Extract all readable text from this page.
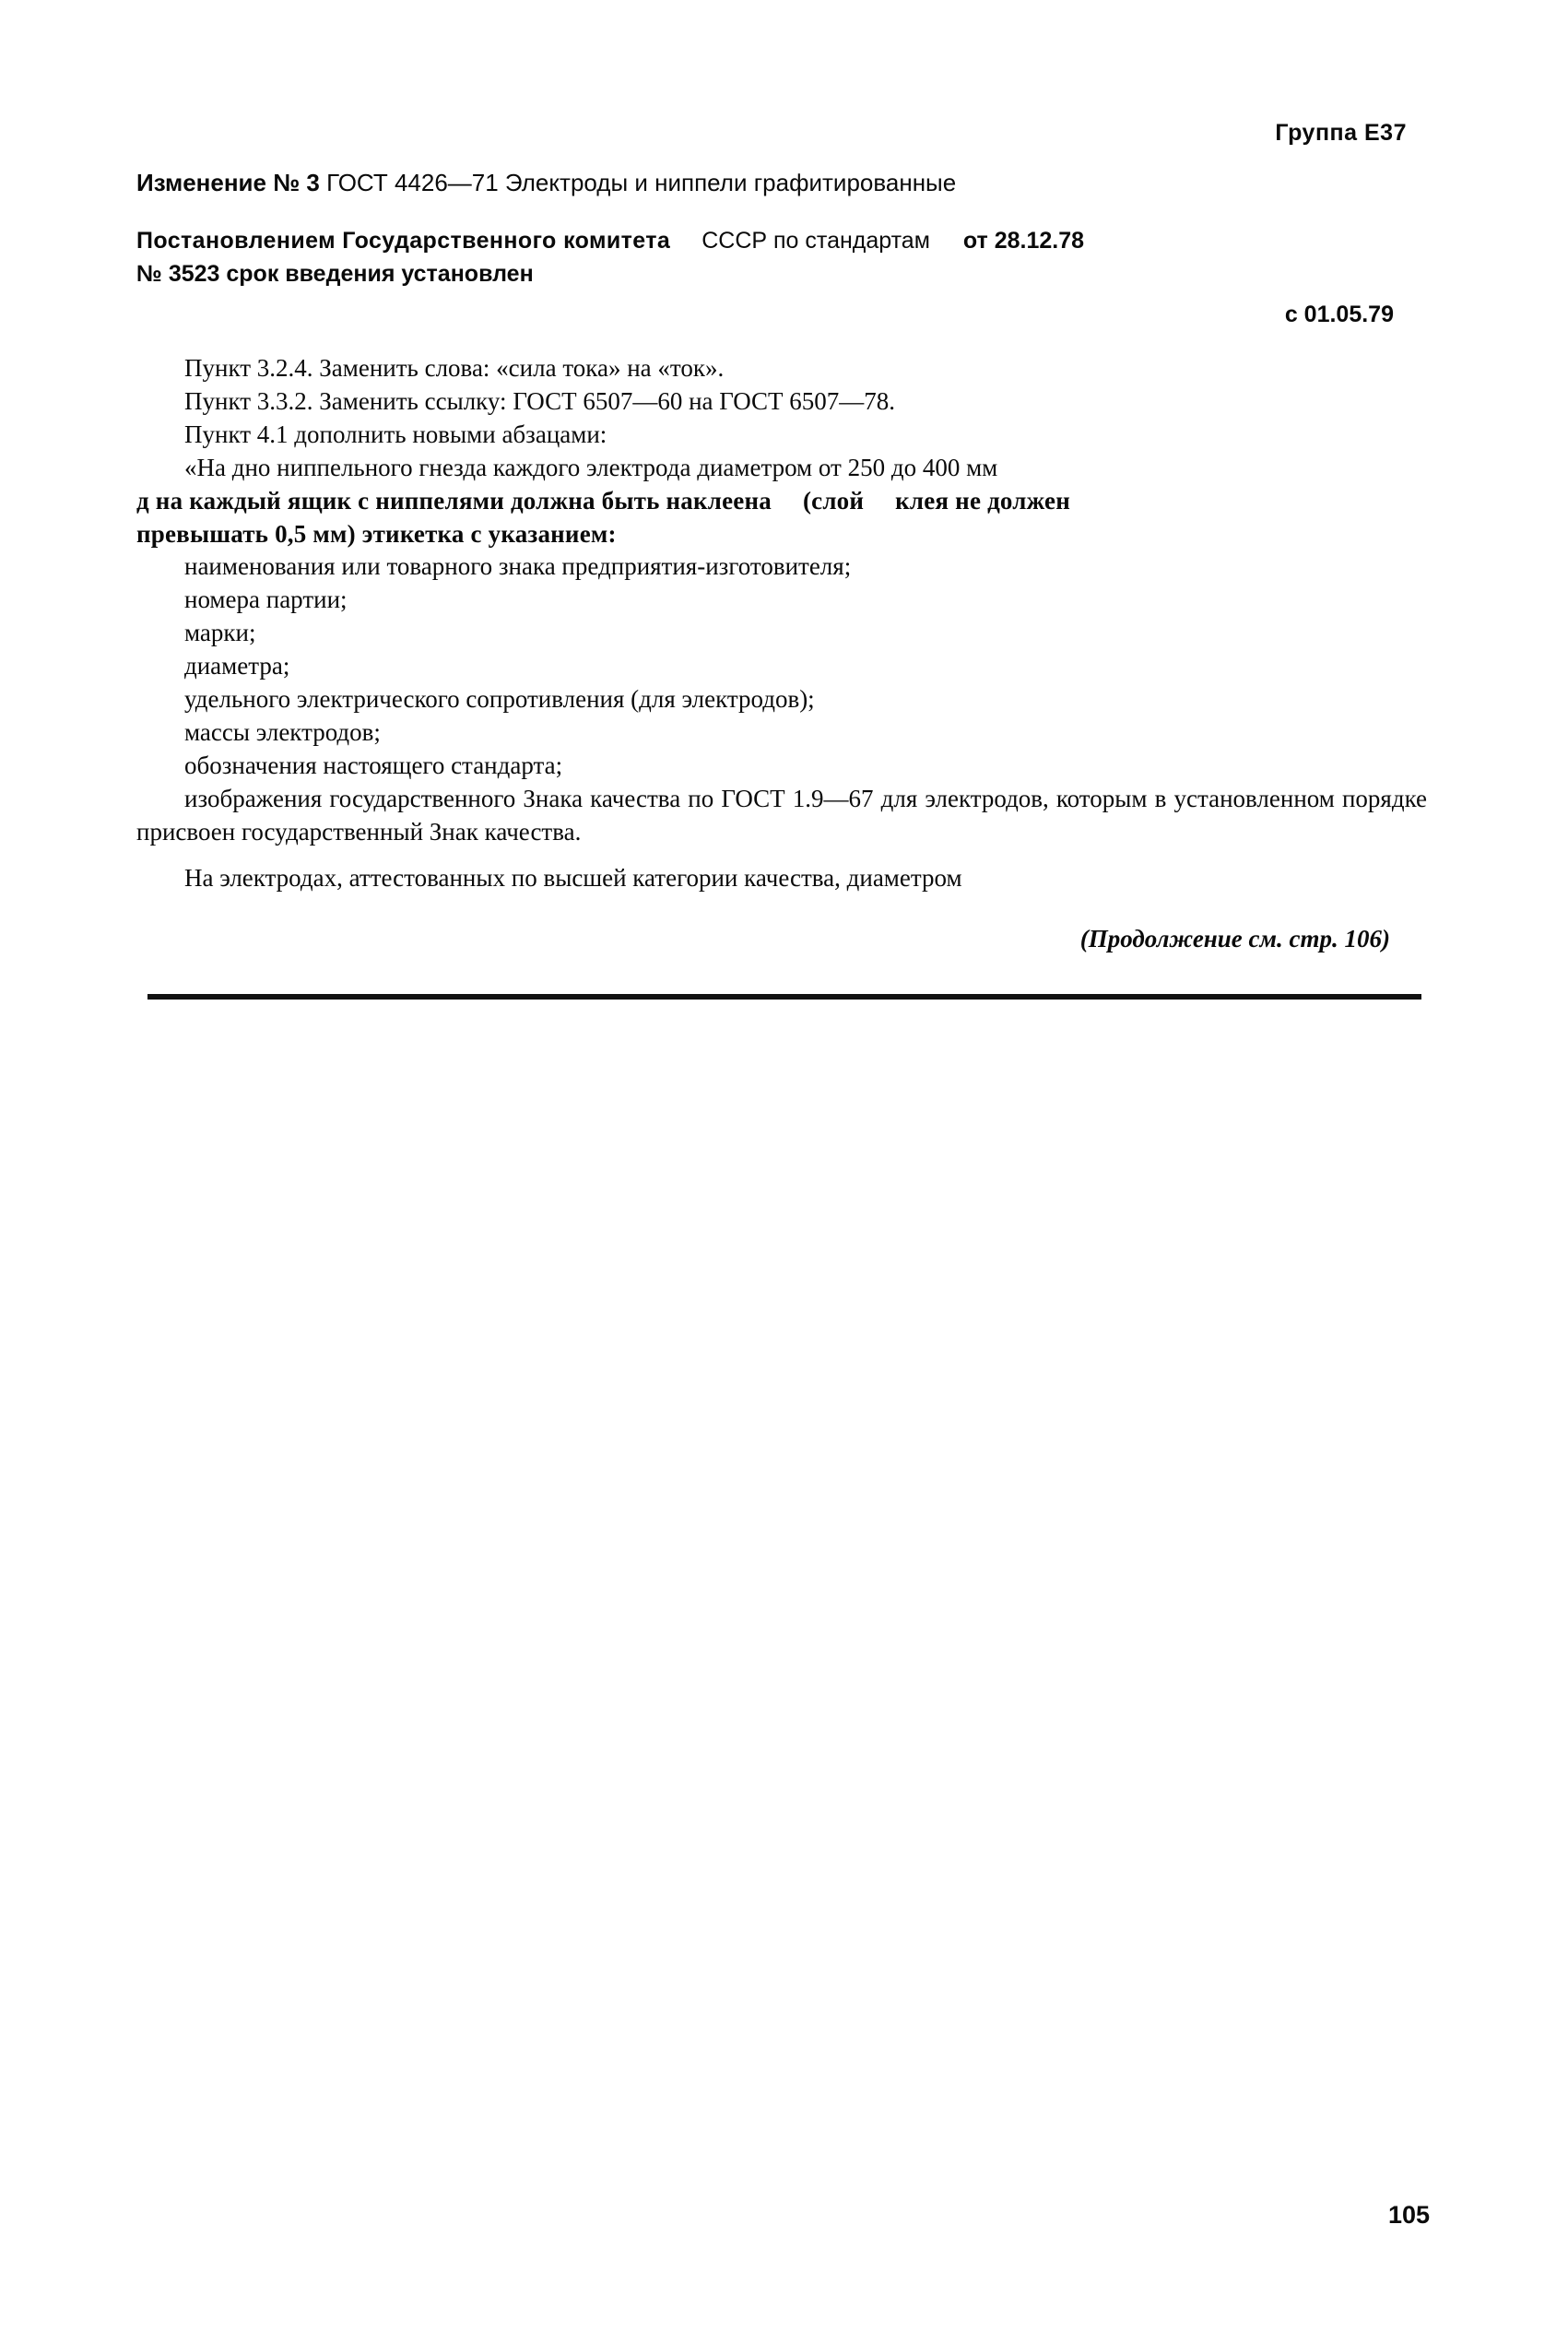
Группа Е37
Изменение № 3 ГОСТ 4426—71 Электроды и ниппели графитированные
Постановлением Государственного комитета СССР по стандартам от 28.12.78
№ 3523 срок введения установлен
с 01.05.79

Пункт 3.2.4. Заменить слова: «сила тока» на «ток».

Пункт 3.3.2. Заменить ссылку: ГОСТ 6507—60 на ГОСТ 6507—78.

Пункт 4.1 дополнить новыми абзацами:

«На дно ниппельного гнезда каждого электрода диаметром от 250 до 400 мм

д на каждый ящик с ниппелями должна быть наклеена (слой клея не должен

превышать 0,5 мм) этикетка с указанием:

наименования или товарного знака предприятия-изготовителя;

номера партии;

марки;

диаметра;

удельного электрического сопротивления (для электродов);

массы электродов;

обозначения настоящего стандарта;

изображения государственного Знака качества по ГОСТ 1.9—67 для электродов, которым в установленном порядке присвоен государственный Знак качества.

На электродах, аттестованных по высшей категории качества, диаметром

(Продолжение см. стр. 106)
105
